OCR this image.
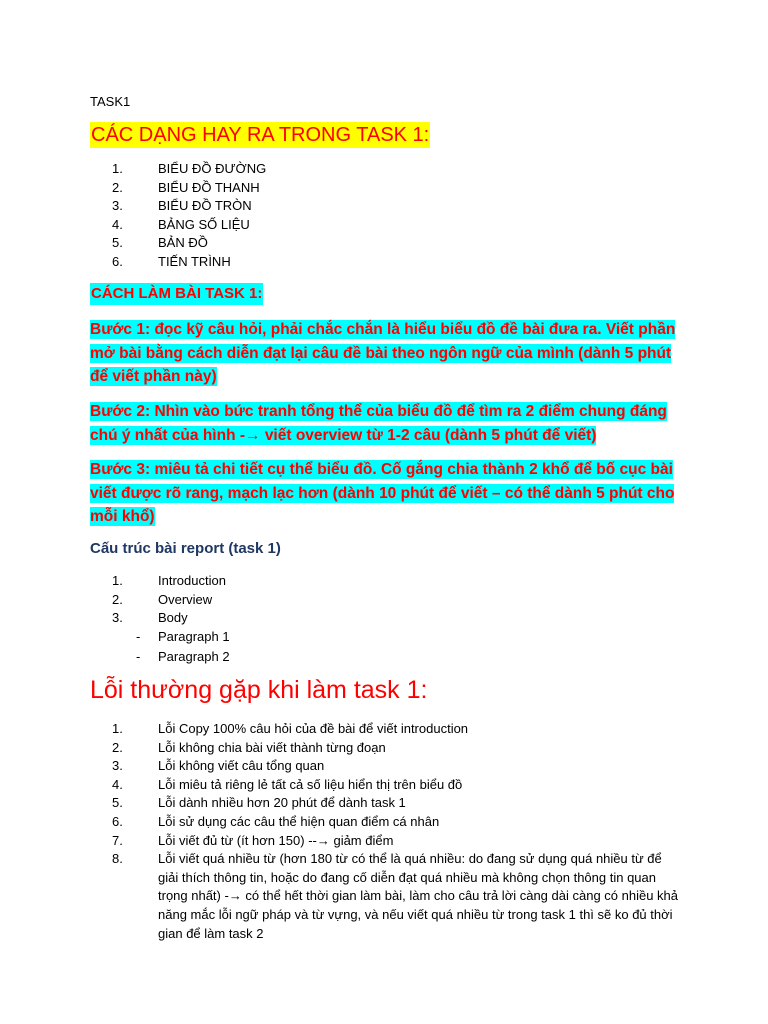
TASK1
CÁC DẠNG HAY RA TRONG TASK 1:
1.	BIỂU ĐỒ ĐƯỜNG
2.	BIỂU ĐỒ THANH
3.	BIỂU ĐỒ TRÒN
4.	BẢNG SỐ LIỆU
5.	BẢN ĐỒ
6.	TIẾN TRÌNH
CÁCH LÀM BÀI TASK 1:
Bước 1: đọc kỹ câu hỏi, phải chắc chắn là hiểu biểu đồ đề bài đưa ra. Viết phần mở bài bằng cách diễn đạt lại câu đề bài theo ngôn ngữ của mình (dành 5 phút để viết phần này)
Bước 2: Nhìn vào bức tranh tổng thể của biểu đồ để tìm ra 2 điểm chung đáng chú ý nhất của hình -→ viết overview từ 1-2 câu (dành 5 phút để viết)
Bước 3: miêu tả chi tiết cụ thể biểu đồ. Cố gắng chia thành 2 khổ để bố cục bài viết được rõ rang, mạch lạc hơn (dành 10 phút để viết – có thể dành 5 phút cho mỗi khổ)
Cấu trúc bài report (task 1)
1.	Introduction
2.	Overview
3.	Body
-	Paragraph 1
-	Paragraph 2
Lỗi thường gặp khi làm task 1:
1.	Lỗi Copy 100% câu hỏi của đề bài để viết introduction
2.	Lỗi không chia bài viết thành từng đoạn
3.	Lỗi không viết câu tổng quan
4.	Lỗi miêu tả riêng lẻ tất cả số liệu hiển thị trên biểu đồ
5.	Lỗi dành nhiều hơn 20 phút để dành task 1
6.	Lỗi sử dụng các câu thể hiện quan điểm cá nhân
7.	Lỗi viết đủ từ (ít hơn 150) --→ giảm điểm
8.	Lỗi viết quá nhiều từ (hơn 180 từ có thể là quá nhiều: do đang sử dụng quá nhiều từ để giải thích thông tin, hoặc do đang cố diễn đạt quá nhiều mà không chọn thông tin quan trọng nhất) -→ có thể hết thời gian làm bài, làm cho câu trả lời càng dài càng có nhiều khả năng mắc lỗi ngữ pháp và từ vựng, và nếu viết quá nhiều từ trong task 1 thì sẽ ko đủ thời gian để làm task 2
